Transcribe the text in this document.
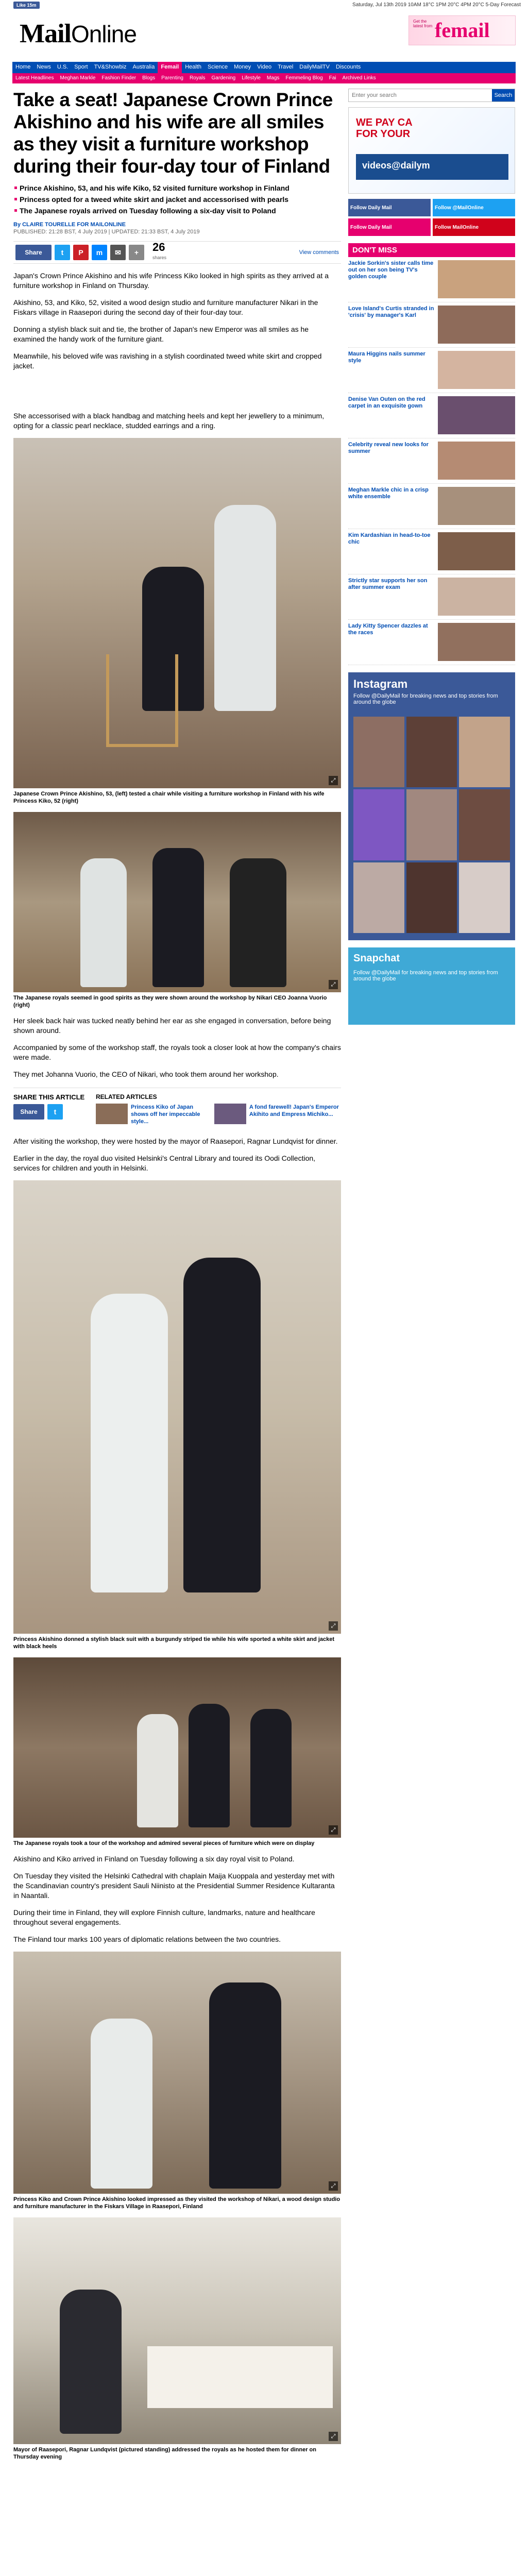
Like 15m	Saturday, Jul 13th 2019 10AM 18°C 1PM 20°C 4PM 20°C 5-Day Forecast
MailOnline	Get the latest from femail
Home	News	U.S.	Sport	TV&Showbiz	Australia	Femail	Health	Science	Money	Video	Travel	DailyMailTV	Discounts
Latest Headlines	Meghan Markle	Fashion Finder	Blogs	Parenting	Royals	Gardening	Lifestyle	Mags	Femmeling Blog	Fai	Archived Links
Take a seat! Japanese Crown Prince Akishino and his wife are all smiles as they visit a furniture workshop during their four-day tour of Finland
Prince Akishino, 53, and his wife Kiko, 52 visited furniture workshop in Finland
Princess opted for a tweed white skirt and jacket and accessorised with pearls
The Japanese royals arrived on Tuesday following a six-day visit to Poland
By CLAIRE TOURELLE FOR MAILONLINE
PUBLISHED: 21:28 BST, 4 July 2019 | UPDATED: 21:33 BST, 4 July 2019
Share	t	P	m	✉	+	26
shares
View comments

Japan's Crown Prince Akishino and his wife Princess Kiko looked in high spirits as they arrived at a furniture workshop in Finland on Thursday.

Akishino, 53, and Kiko, 52, visited a wood design studio and furniture manufacturer Nikari in the Fiskars village in Raasepori during the second day of their four-day tour.

Donning a stylish black suit and tie, the brother of Japan's new Emperor was all smiles as he examined the handy work of the furniture giant.

Meanwhile, his beloved wife was ravishing in a stylish coordinated tweed white skirt and cropped jacket.

She accessorised with a black handbag and matching heels and kept her jewellery to a minimum, opting for a classic pearl necklace, studded earrings and a ring.

⤢
Japanese Crown Prince Akishino, 53, (left) tested a chair while visiting a furniture workshop in Finland with his wife Princess Kiko, 52 (right)
⤢
The Japanese royals seemed in good spirits as they were shown around the workshop by Nikari CEO Joanna Vuorio (right)

Her sleek back hair was tucked neatly behind her ear as she engaged in conversation, before being shown around.

Accompanied by some of the workshop staff, the royals took a closer look at how the company's chairs were made.

They met Johanna Vuorio, the CEO of Nikari, who took them around her workshop.

SHARE THIS ARTICLE
Share	t
RELATED ARTICLES
Princess Kiko of Japan shows off her impeccable style...
A fond farewell! Japan's Emperor Akihito and Empress Michiko...

After visiting the workshop, they were hosted by the mayor of Raasepori, Ragnar Lundqvist for dinner.

Earlier in the day, the royal duo visited Helsinki's Central Library and toured its Oodi Collection, services for children and youth in Helsinki.

⤢
Princess Akishino donned a stylish black suit with a burgundy striped tie while his wife sported a white skirt and jacket with black heels
⤢
The Japanese royals took a tour of the workshop and admired several pieces of furniture which were on display

Akishino and Kiko arrived in Finland on Tuesday following a six day royal visit to Poland.

On Tuesday they visited the Helsinki Cathedral with chaplain Maija Kuoppala and yesterday met with the Scandinavian country's president Sauli Niinisto at the Presidential Summer Residence Kultaranta in Naantali.

During their time in Finland, they will explore Finnish culture, landmarks, nature and healthcare throughout several engagements.

The Finland tour marks 100 years of diplomatic relations between the two countries.

⤢
Princess Kiko and Crown Prince Akishino looked impressed as they visited the workshop of Nikari, a wood design studio and furniture manufacturer in the Fiskars Village in Raasepori, Finland
⤢
Mayor of Raasepori, Ragnar Lundqvist (pictured standing) addressed the royals as he hosted them for dinner on Thursday evening
Enter your search
Search
WE PAY CA
FOR YOUR
videos@dailym
Follow Daily Mail	Follow @MailOnline
Follow Daily Mail	Follow MailOnline
DON'T MISS
Jackie Sorkin's sister calls time out on her son being TV's golden couple
Love Island's Curtis stranded in 'crisis' by manager's Karl
Maura Higgins nails summer style
Denise Van Outen on the red carpet in an exquisite gown
Celebrity reveal new looks for summer
Meghan Markle chic in a crisp white ensemble
Kim Kardashian in head-to-toe chic
Strictly star supports her son after summer exam
Lady Kitty Spencer dazzles at the races
Instagram
Follow @DailyMail for breaking news and top stories from around the globe
Snapchat
Follow @DailyMail for breaking news and top stories from around the globe
